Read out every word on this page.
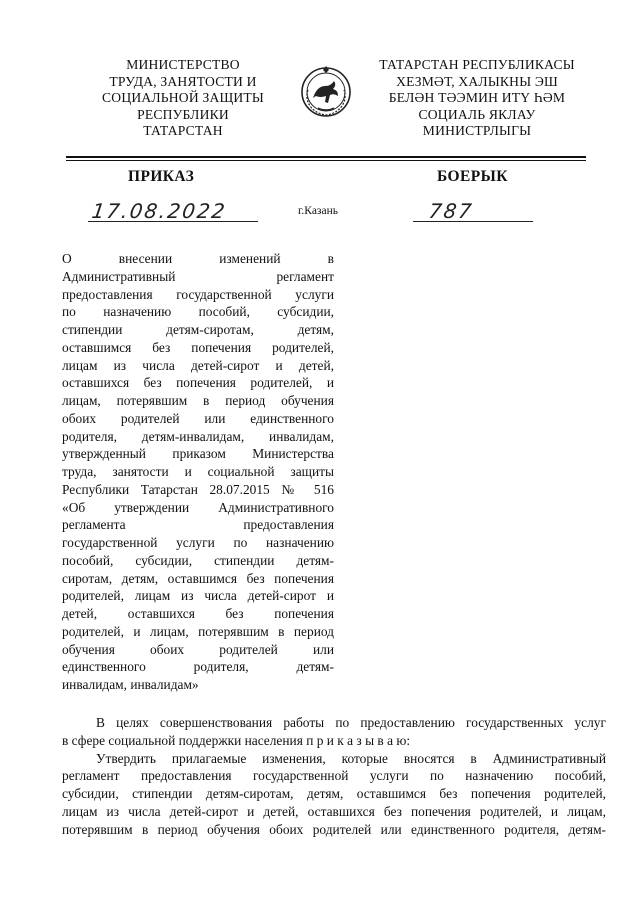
МИНИСТЕРСТВО
ТРУДА, ЗАНЯТОСТИ И
СОЦИАЛЬНОЙ ЗАЩИТЫ
РЕСПУБЛИКИ
ТАТАРСТАН
ТАТАРСТАН РЕСПУБЛИКАСЫ
ХЕЗМӘТ, ХАЛЫКНЫ ЭШ
БЕЛӘН ТӘЭМИН ИТҮ ҺӘМ
СОЦИАЛЬ ЯКЛАУ
МИНИСТРЛЫГЫ
ПРИКАЗ	БОЕРЫК
17.08.2022	г.Казань	787
О внесении изменений в
Административный регламент
предоставления государственной услуги
по назначению пособий, субсидии,
стипендии детям-сиротам, детям,
оставшимся без попечения родителей,
лицам из числа детей-сирот и детей,
оставшихся без попечения родителей, и
лицам, потерявшим в период обучения
обоих родителей или единственного
родителя, детям-инвалидам, инвалидам,
утвержденный приказом Министерства
труда, занятости и социальной защиты
Республики Татарстан 28.07.2015 № 516
«Об утверждении Административного
регламента предоставления
государственной услуги по назначению
пособий, субсидии, стипендии детям-
сиротам, детям, оставшимся без попечения
родителей, лицам из числа детей-сирот и
детей, оставшихся без попечения
родителей, и лицам, потерявшим в период
обучения обоих родителей или
единственного родителя, детям-
инвалидам, инвалидам»
В целях совершенствования работы по предоставлению государственных услуг
в сфере социальной поддержки населения п р и к а з ы в а ю:
Утвердить прилагаемые изменения, которые вносятся в Административный
регламент предоставления государственной услуги по назначению пособий,
субсидии, стипендии детям-сиротам, детям, оставшимся без попечения родителей,
лицам из числа детей-сирот и детей, оставшихся без попечения родителей, и лицам,
потерявшим в период обучения обоих родителей или единственного родителя, детям-
